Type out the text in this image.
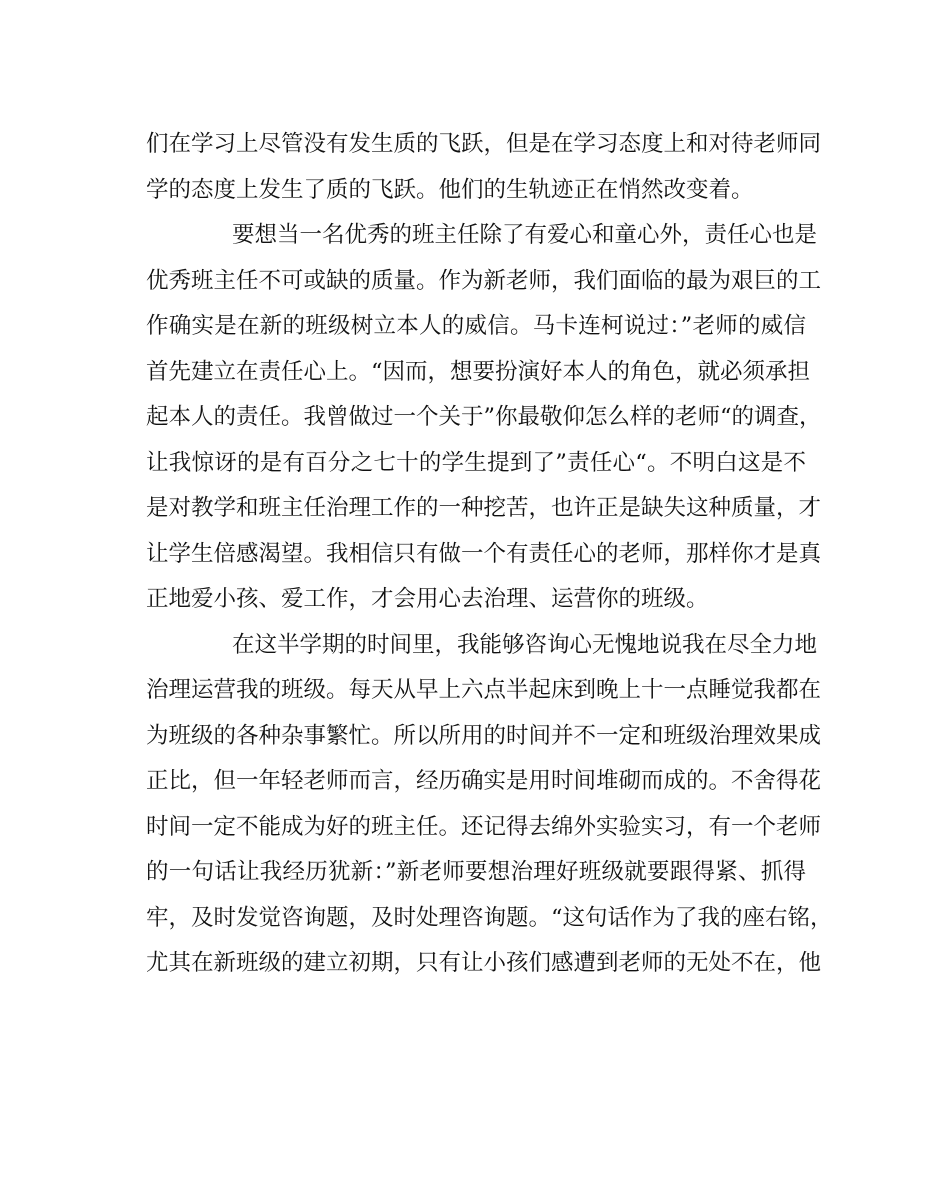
们在学习上尽管没有发生质的飞跃，但是在学习态度上和对待老师同
学的态度上发生了质的飞跃。他们的生轨迹正在悄然改变着。
要想当一名优秀的班主任除了有爱心和童心外，责任心也是
优秀班主任不可或缺的质量。作为新老师，我们面临的最为艰巨的工
作确实是在新的班级树立本人的威信。马卡连柯说过：”老师的威信
首先建立在责任心上。“因而，想要扮演好本人的角色，就必须承担
起本人的责任。我曾做过一个关于”你最敬仰怎么样的老师“的调查，
让我惊讶的是有百分之七十的学生提到了”责任心“。不明白这是不
是对教学和班主任治理工作的一种挖苦，也许正是缺失这种质量，才
让学生倍感渴望。我相信只有做一个有责任心的老师，那样你才是真
正地爱小孩、爱工作，才会用心去治理、运营你的班级。
在这半学期的时间里，我能够咨询心无愧地说我在尽全力地
治理运营我的班级。每天从早上六点半起床到晚上十一点睡觉我都在
为班级的各种杂事繁忙。所以所用的时间并不一定和班级治理效果成
正比，但一年轻老师而言，经历确实是用时间堆砌而成的。不舍得花
时间一定不能成为好的班主任。还记得去绵外实验实习，有一个老师
的一句话让我经历犹新：”新老师要想治理好班级就要跟得紧、抓得
牢，及时发觉咨询题，及时处理咨询题。“这句话作为了我的座右铭，
尤其在新班级的建立初期，只有让小孩们感遭到老师的无处不在，他
